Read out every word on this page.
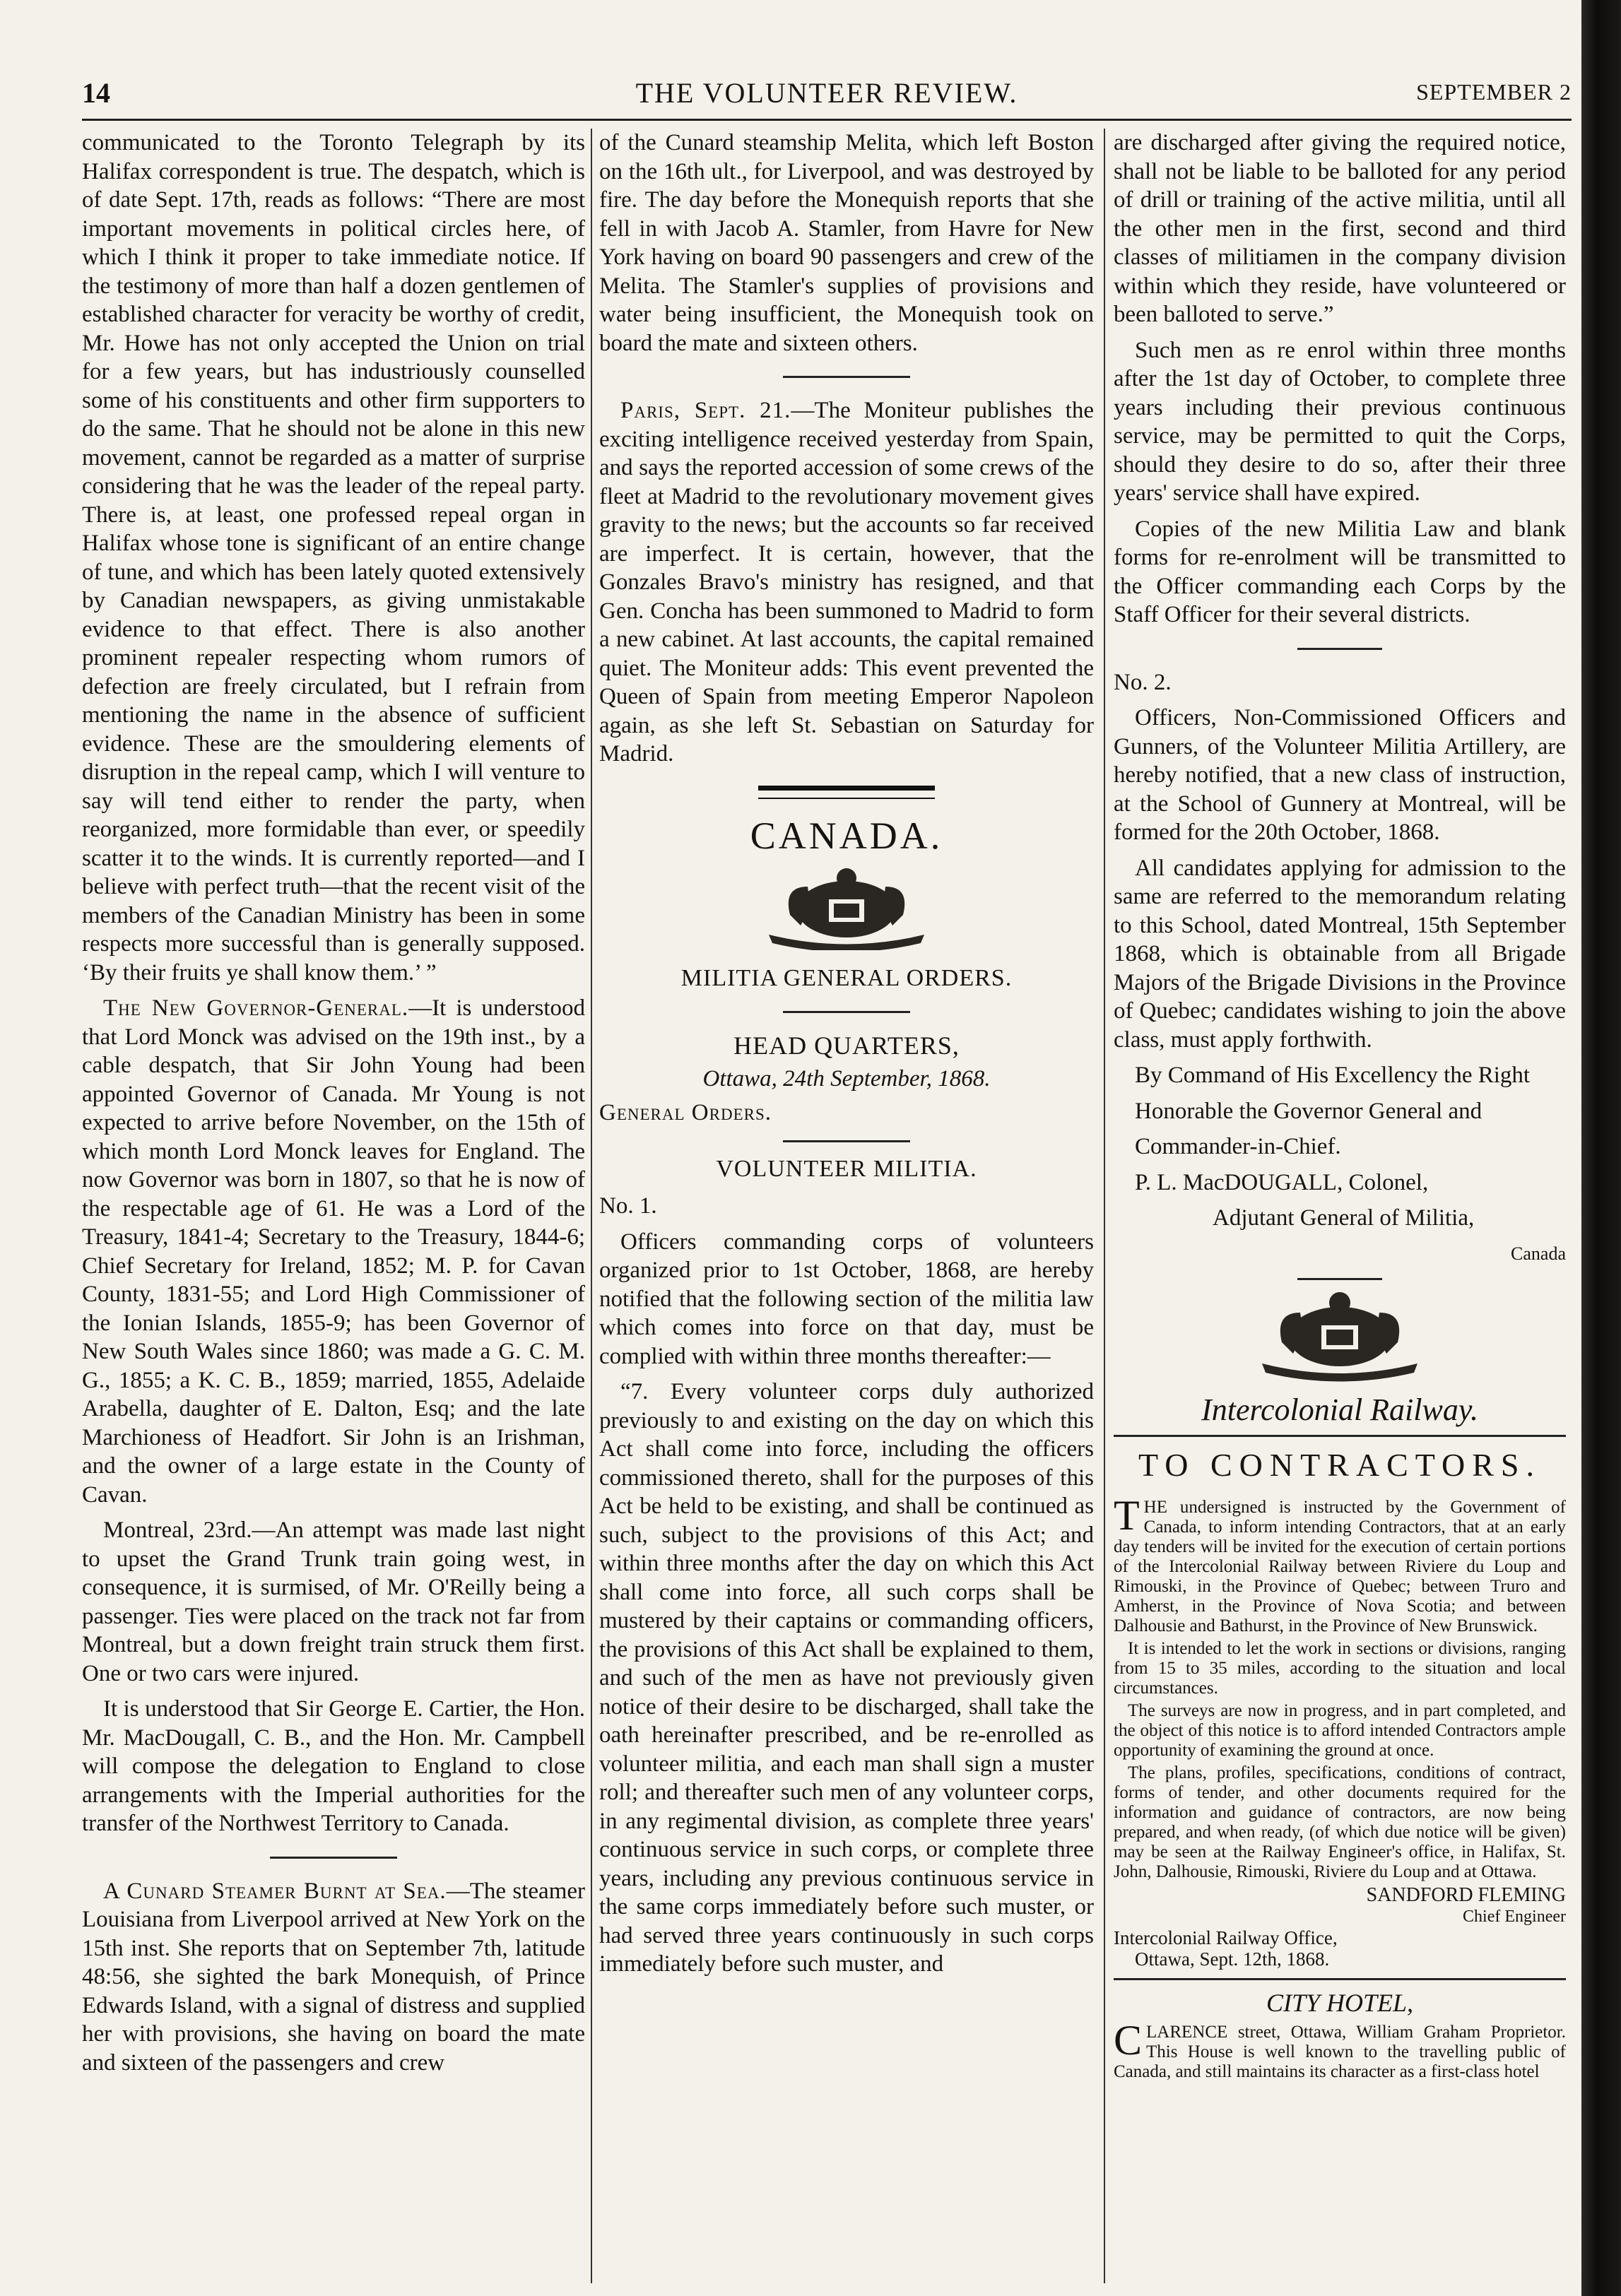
14	THE VOLUNTEER REVIEW.	SEPTEMBER 2

communicated to the Toronto Telegraph by its Halifax correspondent is true. The despatch, which is of date Sept. 17th, reads as follows: “There are most important movements in political circles here, of which I think it proper to take immediate notice. If the testimony of more than half a dozen gentlemen of established character for veracity be worthy of credit, Mr. Howe has not only accepted the Union on trial for a few years, but has industriously counselled some of his constituents and other firm supporters to do the same. That he should not be alone in this new movement, cannot be regarded as a matter of surprise considering that he was the leader of the repeal party. There is, at least, one professed repeal organ in Halifax whose tone is significant of an entire change of tune, and which has been lately quoted extensively by Canadian newspapers, as giving unmistakable evidence to that effect. There is also another prominent repealer respecting whom rumors of defection are freely circulated, but I refrain from mentioning the name in the absence of sufficient evidence. These are the smouldering elements of disruption in the repeal camp, which I will venture to say will tend either to render the party, when reorganized, more formidable than ever, or speedily scatter it to the winds. It is currently reported—and I believe with perfect truth—that the recent visit of the members of the Canadian Ministry has been in some respects more successful than is generally supposed. ‘By their fruits ye shall know them.’ ”

The New Governor-General.—It is understood that Lord Monck was advised on the 19th inst., by a cable despatch, that Sir John Young had been appointed Governor of Canada. Mr Young is not expected to arrive before November, on the 15th of which month Lord Monck leaves for England. The now Governor was born in 1807, so that he is now of the respectable age of 61. He was a Lord of the Treasury, 1841-4; Secretary to the Treasury, 1844-6; Chief Secretary for Ireland, 1852; M. P. for Cavan County, 1831-55; and Lord High Commissioner of the Ionian Islands, 1855-9; has been Governor of New South Wales since 1860; was made a G. C. M. G., 1855; a K. C. B., 1859; married, 1855, Adelaide Arabella, daughter of E. Dalton, Esq; and the late Marchioness of Headfort. Sir John is an Irishman, and the owner of a large estate in the County of Cavan.

Montreal, 23rd.—An attempt was made last night to upset the Grand Trunk train going west, in consequence, it is surmised, of Mr. O'Reilly being a passenger. Ties were placed on the track not far from Montreal, but a down freight train struck them first. One or two cars were injured.

It is understood that Sir George E. Cartier, the Hon. Mr. MacDougall, C. B., and the Hon. Mr. Campbell will compose the delegation to England to close arrangements with the Imperial authorities for the transfer of the Northwest Territory to Canada.

A Cunard Steamer Burnt at Sea.—The steamer Louisiana from Liverpool arrived at New York on the 15th inst. She reports that on September 7th, latitude 48:56, she sighted the bark Monequish, of Prince Edwards Island, with a signal of distress and supplied her with provisions, she having on board the mate and sixteen of the passengers and crew

of the Cunard steamship Melita, which left Boston on the 16th ult., for Liverpool, and was destroyed by fire. The day before the Monequish reports that she fell in with Jacob A. Stamler, from Havre for New York having on board 90 passengers and crew of the Melita. The Stamler's supplies of provisions and water being insufficient, the Monequish took on board the mate and sixteen others.

Paris, Sept. 21.—The Moniteur publishes the exciting intelligence received yesterday from Spain, and says the reported accession of some crews of the fleet at Madrid to the revolutionary movement gives gravity to the news; but the accounts so far received are imperfect. It is certain, however, that the Gonzales Bravo's ministry has resigned, and that Gen. Concha has been summoned to Madrid to form a new cabinet. At last accounts, the capital remained quiet. The Moniteur adds: This event prevented the Queen of Spain from meeting Emperor Napoleon again, as she left St. Sebastian on Saturday for Madrid.

CANADA.
MILITIA GENERAL ORDERS.
HEAD QUARTERS,
Ottawa, 24th September, 1868.

General Orders.

VOLUNTEER MILITIA.

No. 1.

Officers commanding corps of volunteers organized prior to 1st October, 1868, are hereby notified that the following section of the militia law which comes into force on that day, must be complied with within three months thereafter:—

“7. Every volunteer corps duly authorized previously to and existing on the day on which this Act shall come into force, including the officers commissioned thereto, shall for the purposes of this Act be held to be existing, and shall be continued as such, subject to the provisions of this Act; and within three months after the day on which this Act shall come into force, all such corps shall be mustered by their captains or commanding officers, the provisions of this Act shall be explained to them, and such of the men as have not previously given notice of their desire to be discharged, shall take the oath hereinafter prescribed, and be re-enrolled as volunteer militia, and each man shall sign a muster roll; and thereafter such men of any volunteer corps, in any regimental division, as complete three years' continuous service in such corps, or complete three years, including any previous continuous service in the same corps immediately before such muster, or had served three years continuously in such corps immediately before such muster, and

are discharged after giving the required notice, shall not be liable to be balloted for any period of drill or training of the active militia, until all the other men in the first, second and third classes of militiamen in the company division within which they reside, have volunteered or been balloted to serve.”

Such men as re enrol within three months after the 1st day of October, to complete three years including their previous continuous service, may be permitted to quit the Corps, should they desire to do so, after their three years' service shall have expired.

Copies of the new Militia Law and blank forms for re-enrolment will be transmitted to the Officer commanding each Corps by the Staff Officer for their several districts.

No. 2.

Officers, Non-Commissioned Officers and Gunners, of the Volunteer Militia Artillery, are hereby notified, that a new class of instruction, at the School of Gunnery at Montreal, will be formed for the 20th October, 1868.

All candidates applying for admission to the same are referred to the memorandum relating to this School, dated Montreal, 15th September 1868, which is obtainable from all Brigade Majors of the Brigade Divisions in the Province of Quebec; candidates wishing to join the above class, must apply forthwith.

By Command of His Excellency the Right

Honorable the Governor General and

Commander-in-Chief.

P. L. MacDOUGALL, Colonel,

Adjutant General of Militia,

Canada

Intercolonial Railway.
TO CONTRACTORS.

THE undersigned is instructed by the Government of Canada, to inform intending Contractors, that at an early day tenders will be invited for the execution of certain portions of the Intercolonial Railway between Riviere du Loup and Rimouski, in the Province of Quebec; between Truro and Amherst, in the Province of Nova Scotia; and between Dalhousie and Bathurst, in the Province of New Brunswick.

It is intended to let the work in sections or divisions, ranging from 15 to 35 miles, according to the situation and local circumstances.

The surveys are now in progress, and in part completed, and the object of this notice is to afford intended Contractors ample opportunity of examining the ground at once.

The plans, profiles, specifications, conditions of contract, forms of tender, and other documents required for the information and guidance of contractors, are now being prepared, and when ready, (of which due notice will be given) may be seen at the Railway Engineer's office, in Halifax, St. John, Dalhousie, Rimouski, Riviere du Loup and at Ottawa.

SANDFORD FLEMING
Chief Engineer
Intercolonial Railway Office,
Ottawa, Sept. 12th, 1868.
CITY HOTEL,

CLARENCE street, Ottawa, William Graham Proprietor. This House is well known to the travelling public of Canada, and still maintains its character as a first-class hotel
